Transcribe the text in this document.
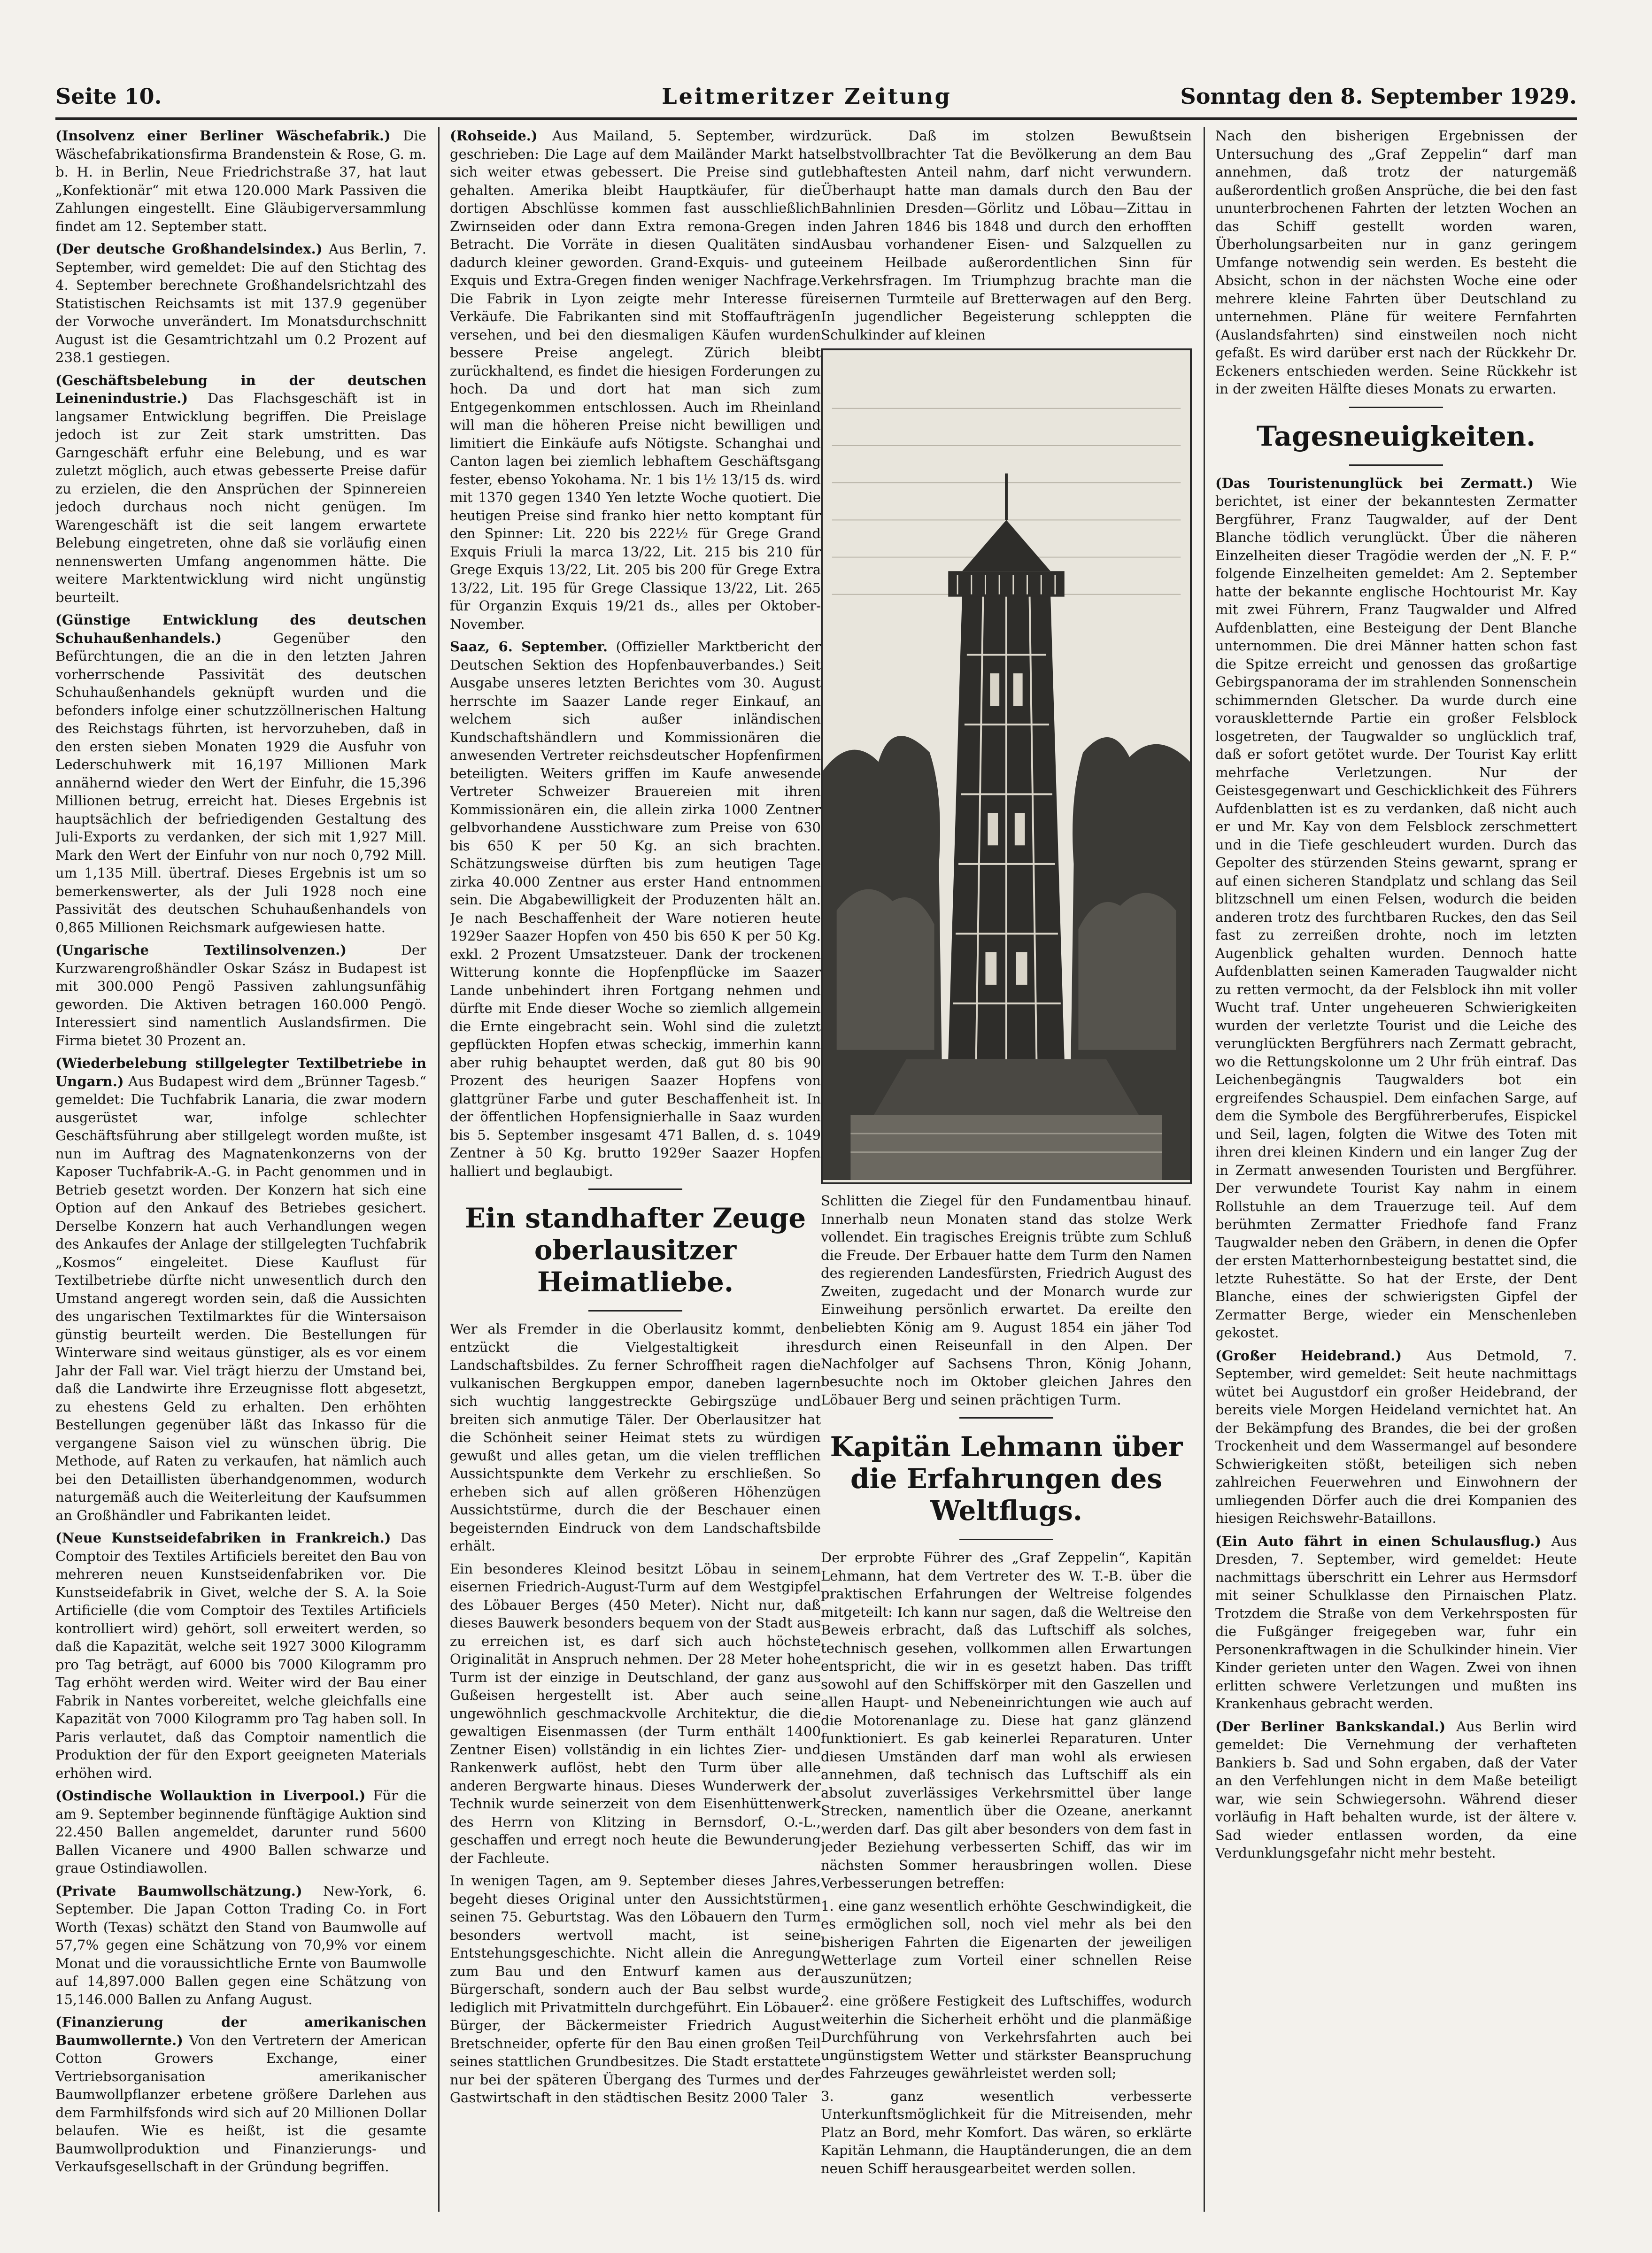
Seite 10.	Leitmeritzer Zeitung	Sonntag den 8. September 1929.

(Insolvenz einer Berliner Wäschefabrik.) Die Wäschefabrikationsfirma Brandenstein & Rose, G. m. b. H. in Berlin, Neue Friedrichstraße 37, hat laut „Konfektionär“ mit etwa 120.000 Mark Passiven die Zahlungen eingestellt. Eine Gläubigerversammlung findet am 12. September statt.

(Der deutsche Großhandelsindex.) Aus Berlin, 7. September, wird gemeldet: Die auf den Stichtag des 4. September berechnete Großhandelsrichtzahl des Statistischen Reichsamts ist mit 137.9 gegenüber der Vorwoche unverändert. Im Monatsdurchschnitt August ist die Gesamtrichtzahl um 0.2 Prozent auf 238.1 gestiegen.

(Geschäftsbelebung in der deutschen Leinenindustrie.) Das Flachsgeschäft ist in langsamer Entwicklung begriffen. Die Preislage jedoch ist zur Zeit stark umstritten. Das Garngeschäft erfuhr eine Belebung, und es war zuletzt möglich, auch etwas gebesserte Preise dafür zu erzielen, die den Ansprüchen der Spinnereien jedoch durchaus noch nicht genügen. Im Warengeschäft ist die seit langem erwartete Belebung eingetreten, ohne daß sie vorläufig einen nennenswerten Umfang angenommen hätte. Die weitere Marktentwicklung wird nicht ungünstig beurteilt.

(Günstige Entwicklung des deutschen Schuhaußenhandels.)	Gegenüber den Befürchtungen, die an die in den letzten Jahren vorherrschende Passivität des deutschen Schuhaußenhandels geknüpft wurden und die befonders infolge einer schutzzöllnerischen Haltung des Reichstags führten, ist hervorzuheben, daß in den ersten sieben Monaten 1929 die Ausfuhr von Lederschuhwerk mit 16,197 Millionen Mark annähernd wieder den Wert der Einfuhr, die 15,396 Millionen betrug, erreicht hat. Dieses Ergebnis ist hauptsächlich der befriedigenden Gestaltung des Juli-Exports zu verdanken, der sich mit 1,927 Mill. Mark den Wert der Einfuhr von nur noch 0,792 Mill. um 1,135 Mill. übertraf. Dieses Ergebnis ist um so bemerkenswerter, als der Juli 1928 noch eine Passivität des deutschen Schuhaußenhandels von 0,865 Millionen Reichsmark aufgewiesen hatte.

(Ungarische Textilinsolvenzen.)	Der Kurzwarengroßhändler Oskar Szász in Budapest ist mit 300.000 Pengö Passiven zahlungsunfähig geworden. Die Aktiven betragen 160.000 Pengö. Interessiert sind namentlich Auslandsfirmen. Die Firma bietet 30 Prozent an.

(Wiederbelebung stillgelegter Textilbetriebe in Ungarn.) Aus Budapest wird dem „Brünner Tagesb.“ gemeldet: Die Tuchfabrik Lanaria, die zwar modern ausgerüstet war, infolge schlechter Geschäftsführung aber stillgelegt worden mußte, ist nun im Auftrag des Magnatenkonzerns von der Kaposer Tuchfabrik-A.-G. in Pacht genommen und in Betrieb gesetzt worden. Der Konzern hat sich eine Option auf den Ankauf des Betriebes gesichert. Derselbe Konzern hat auch Verhandlungen wegen des Ankaufes der Anlage der stillgelegten Tuchfabrik „Kosmos“ eingeleitet. Diese Kauflust für Textilbetriebe dürfte nicht unwesentlich durch den Umstand angeregt worden sein, daß die Aussichten des ungarischen Textilmarktes für die Wintersaison günstig beurteilt werden. Die Bestellungen für Winterware sind weitaus günstiger, als es vor einem Jahr der Fall war. Viel trägt hierzu der Umstand bei, daß die Landwirte ihre Erzeugnisse flott abgesetzt, zu ehestens Geld zu erhalten. Den erhöhten Bestellungen gegenüber läßt das Inkasso für die vergangene Saison viel zu wünschen übrig. Die Methode, auf Raten zu verkaufen, hat nämlich auch bei den Detaillisten überhandgenommen, wodurch naturgemäß auch die Weiterleitung der Kaufsummen an Großhändler und Fabrikanten leidet.

(Neue Kunstseidefabriken in Frankreich.) Das Comptoir des Textiles Artificiels bereitet den Bau von mehreren neuen Kunstseidenfabriken vor. Die Kunstseidefabrik in Givet, welche der S. A. la Soie Artificielle (die vom Comptoir des Textiles Artificiels kontrolliert wird) gehört, soll erweitert werden, so daß die Kapazität, welche seit 1927 3000 Kilogramm pro Tag beträgt, auf 6000 bis 7000 Kilogramm pro Tag erhöht werden wird. Weiter wird der Bau einer Fabrik in Nantes vorbereitet, welche gleichfalls eine Kapazität von 7000 Kilogramm pro Tag haben soll. In Paris verlautet, daß das Comptoir namentlich die Produktion der für den Export geeigneten Materials erhöhen wird.

(Ostindische Wollauktion in Liverpool.) Für die am 9. September beginnende fünftägige Auktion sind 22.450 Ballen angemeldet, darunter rund 5600 Ballen Vicanere und 4900 Ballen schwarze und graue Ostindiawollen.

(Private Baumwollschätzung.) New-York, 6. September. Die Japan Cotton Trading Co. in Fort Worth (Texas) schätzt den Stand von Baumwolle auf 57,7% gegen eine Schätzung von 70,9% vor einem Monat und die voraussichtliche Ernte von Baumwolle auf 14,897.000 Ballen gegen eine Schätzung von 15,146.000 Ballen zu Anfang August.

(Finanzierung der amerikanischen Baumwollernte.) Von den Vertretern der American Cotton Growers Exchange, einer Vertriebsorganisation amerikanischer Baumwollpflanzer erbetene größere Darlehen aus dem Farmhilfsfonds wird sich auf 20 Millionen Dollar belaufen. Wie es heißt, ist die gesamte Baumwollproduktion und Finanzierungs- und Verkaufsgesellschaft in der Gründung begriffen.

(Rohseide.) Aus Mailand, 5. September, wird geschrieben: Die Lage auf dem Mailänder Markt hat sich weiter etwas gebessert. Die Preise sind gut gehalten. Amerika bleibt Hauptkäufer, für die dortigen Abschlüsse kommen fast ausschließlich Zwirnseiden oder dann Extra remona-Gregen in Betracht. Die Vorräte in diesen Qualitäten sind dadurch kleiner geworden. Grand-Exquis- und gute Exquis und Extra-Gregen finden weniger Nachfrage. Die Fabrik in Lyon zeigte mehr Interesse für Verkäufe. Die Fabrikanten sind mit Stoffaufträgen versehen, und bei den diesmaligen Käufen wurden bessere Preise angelegt. Zürich bleibt zurückhaltend, es findet die hiesigen Forderungen zu hoch. Da und dort hat man sich zum Entgegenkommen entschlossen. Auch im Rheinland will man die höheren Preise nicht bewilligen und limitiert die Einkäufe aufs Nötigste. Schanghai und Canton lagen bei ziemlich lebhaftem Geschäftsgang fester, ebenso Yokohama. Nr. 1 bis 1½ 13/15 ds. wird mit 1370 gegen 1340 Yen letzte Woche quotiert. Die heutigen Preise sind franko hier netto komptant für den Spinner: Lit. 220 bis 222½ für Grege Grand Exquis Friuli la marca 13/22, Lit. 215 bis 210 für Grege Exquis 13/22, Lit. 205 bis 200 für Grege Extra 13/22, Lit. 195 für Grege Classique 13/22, Lit. 265 für Organzin Exquis 19/21 ds., alles per Oktober-November.

Saaz, 6. September. (Offizieller Marktbericht der Deutschen Sektion des Hopfenbauverbandes.) Seit Ausgabe unseres letzten Berichtes vom 30. August herrschte im Saazer Lande reger Einkauf, an welchem sich außer inländischen Kundschaftshändlern und Kommissionären die anwesenden Vertreter reichsdeutscher Hopfenfirmen beteiligten. Weiters griffen im Kaufe anwesende Vertreter Schweizer Brauereien mit ihren Kommissionären ein, die allein zirka 1000 Zentner gelbvorhandene Ausstichware zum Preise von 630 bis 650 K per 50 Kg. an sich brachten. Schätzungsweise dürften bis zum heutigen Tage zirka 40.000 Zentner aus erster Hand entnommen sein. Die Abgabewilligkeit der Produzenten hält an. Je nach Beschaffenheit der Ware notieren heute 1929er Saazer Hopfen von 450 bis 650 K per 50 Kg. exkl. 2 Prozent Umsatzsteuer. Dank der trockenen Witterung konnte die Hopfenpflücke im Saazer Lande unbehindert ihren Fortgang nehmen und dürfte mit Ende dieser Woche so ziemlich allgemein die Ernte eingebracht sein. Wohl sind die zuletzt gepflückten Hopfen etwas scheckig, immerhin kann aber ruhig behauptet werden, daß gut 80 bis 90 Prozent des heurigen Saazer Hopfens von glattgrüner Farbe und guter Beschaffenheit ist. In der öffentlichen Hopfensignierhalle in Saaz wurden bis 5. September insgesamt 471 Ballen, d. s. 1049 Zentner à 50 Kg. brutto 1929er Saazer Hopfen halliert und beglaubigt.

Ein standhafter Zeuge oberlausitzer Heimatliebe.

Wer als Fremder in die Oberlausitz kommt, den entzückt die Vielgestaltigkeit ihres Landschaftsbildes. Zu ferner Schroffheit ragen die vulkanischen Bergkuppen empor, daneben lagern sich wuchtig langgestreckte Gebirgszüge und breiten sich anmutige Täler. Der Oberlausitzer hat die Schönheit seiner Heimat stets zu würdigen gewußt und alles getan, um die vielen trefflichen Aussichtspunkte dem Verkehr zu erschließen. So erheben sich auf allen größeren Höhenzügen Aussichtstürme, durch die der Beschauer einen begeisternden Eindruck von dem Landschaftsbilde erhält.

Ein besonderes Kleinod besitzt Löbau in seinem eisernen Friedrich-August-Turm auf dem Westgipfel des Löbauer Berges (450 Meter). Nicht nur, daß dieses Bauwerk besonders bequem von der Stadt aus zu erreichen ist, es darf sich auch höchste Originalität in Anspruch nehmen. Der 28 Meter hohe Turm ist der einzige in Deutschland, der ganz aus Gußeisen hergestellt ist. Aber auch seine ungewöhnlich geschmackvolle Architektur, die die gewaltigen Eisenmassen (der Turm enthält 1400 Zentner Eisen) vollständig in ein lichtes Zier- und Rankenwerk auflöst, hebt den Turm über alle anderen Bergwarte hinaus. Dieses Wunderwerk der Technik wurde seinerzeit von dem Eisenhüttenwerk des Herrn von Klitzing in Bernsdorf, O.-L., geschaffen und erregt noch heute die Bewunderung der Fachleute.

In wenigen Tagen, am 9. September dieses Jahres, begeht dieses Original unter den Aussichtstürmen seinen 75. Geburtstag. Was den Löbauern den Turm besonders wertvoll macht, ist seine Entstehungsgeschichte. Nicht allein die Anregung zum Bau und den Entwurf kamen aus der Bürgerschaft, sondern auch der Bau selbst wurde lediglich mit Privatmitteln durchgeführt. Ein Löbauer Bürger, der Bäckermeister Friedrich August Bretschneider, opferte für den Bau einen großen Teil seines stattlichen Grundbesitzes. Die Stadt erstattete nur bei der späteren Übergang des Turmes und der Gastwirtschaft in den städtischen Besitz 2000 Taler

zurück. Daß im stolzen Bewußtsein selbstvollbrachter Tat die Bevölkerung an dem Bau lebhaftesten Anteil nahm, darf nicht verwundern. Überhaupt hatte man damals durch den Bau der Bahnlinien Dresden—Görlitz und Löbau—Zittau in den Jahren 1846 bis 1848 und durch den erhofften Ausbau vorhandener Eisen- und Salzquellen zu einem Heilbade außerordentlichen Sinn für Verkehrsfragen. Im Triumphzug brachte man die eisernen Turmteile auf Bretterwagen auf den Berg. In jugendlicher Begeisterung schleppten die Schulkinder auf kleinen

Schlitten die Ziegel für den Fundamentbau hinauf. Innerhalb neun Monaten stand das stolze Werk vollendet. Ein tragisches Ereignis trübte zum Schluß die Freude. Der Erbauer hatte dem Turm den Namen des regierenden Landesfürsten, Friedrich August des Zweiten, zugedacht und der Monarch wurde zur Einweihung persönlich erwartet. Da ereilte den beliebten König am 9. August 1854 ein jäher Tod durch einen Reiseunfall in den Alpen. Der Nachfolger auf Sachsens Thron, König Johann, besuchte noch im Oktober gleichen Jahres den Löbauer Berg und seinen prächtigen Turm.

Kapitän Lehmann über die Erfahrungen des Weltflugs.

Der erprobte Führer des „Graf Zeppelin“, Kapitän Lehmann, hat dem Vertreter des W. T.-B. über die praktischen Erfahrungen der Weltreise folgendes mitgeteilt: Ich kann nur sagen, daß die Weltreise den Beweis erbracht, daß das Luftschiff als solches, technisch gesehen, vollkommen allen Erwartungen entspricht, die wir in es gesetzt haben. Das trifft sowohl auf den Schiffskörper mit den Gaszellen und allen Haupt- und Nebeneinrichtungen wie auch auf die Motorenanlage zu. Diese hat ganz glänzend funktioniert. Es gab keinerlei Reparaturen. Unter diesen Umständen darf man wohl als erwiesen annehmen, daß technisch das Luftschiff als ein absolut zuverlässiges Verkehrsmittel über lange Strecken, namentlich über die Ozeane, anerkannt werden darf. Das gilt aber besonders von dem fast in jeder Beziehung verbesserten Schiff, das wir im nächsten Sommer herausbringen wollen. Diese Verbesserungen betreffen:

1. eine ganz wesentlich erhöhte Geschwindigkeit, die es ermöglichen soll, noch viel mehr als bei den bisherigen Fahrten die Eigenarten der jeweiligen Wetterlage zum Vorteil einer schnellen Reise auszunützen;

2. eine größere Festigkeit des Luftschiffes, wodurch weiterhin die Sicherheit erhöht und die planmäßige Durchführung von Verkehrsfahrten auch bei ungünstigstem Wetter und stärkster Beanspruchung des Fahrzeuges gewährleistet werden soll;

3. ganz wesentlich verbesserte Unterkunftsmöglichkeit für die Mitreisenden, mehr Platz an Bord, mehr Komfort. Das wären, so erklärte Kapitän Lehmann, die Hauptänderungen, die an dem neuen Schiff herausgearbeitet werden sollen.

Nach den bisherigen Ergebnissen der Untersuchung des „Graf Zeppelin“ darf man annehmen, daß trotz der naturgemäß außerordentlich großen Ansprüche, die bei den fast ununterbrochenen Fahrten der letzten Wochen an das Schiff gestellt worden waren, Überholungsarbeiten nur in ganz geringem Umfange notwendig sein werden. Es besteht die Absicht, schon in der nächsten Woche eine oder mehrere kleine Fahrten über Deutschland zu unternehmen. Pläne für weitere Fernfahrten (Auslandsfahrten) sind einstweilen noch nicht gefaßt. Es wird darüber erst nach der Rückkehr Dr. Eckeners entschieden werden. Seine Rückkehr ist in der zweiten Hälfte dieses Monats zu erwarten.

Tagesneuigkeiten.

(Das Touristenunglück bei Zermatt.) Wie berichtet, ist einer der bekanntesten Zermatter Bergführer, Franz Taugwalder, auf der Dent Blanche tödlich verunglückt. Über die näheren Einzelheiten dieser Tragödie werden der „N. F. P.“ folgende Einzelheiten gemeldet: Am 2. September hatte der bekannte englische Hochtourist Mr. Kay mit zwei Führern, Franz Taugwalder und Alfred Aufdenblatten, eine Besteigung der Dent Blanche unternommen. Die drei Männer hatten schon fast die Spitze erreicht und genossen das großartige Gebirgspanorama der im strahlenden Sonnenschein schimmernden Gletscher. Da wurde durch eine vorauskletternde Partie ein großer Felsblock losgetreten, der Taugwalder so unglücklich traf, daß er sofort getötet wurde. Der Tourist Kay erlitt mehrfache Verletzungen. Nur der Geistesgegenwart und Geschicklichkeit des Führers Aufdenblatten ist es zu verdanken, daß nicht auch er und Mr. Kay von dem Felsblock zerschmettert und in die Tiefe geschleudert wurden. Durch das Gepolter des stürzenden Steins gewarnt, sprang er auf einen sicheren Standplatz und schlang das Seil blitzschnell um einen Felsen, wodurch die beiden anderen trotz des furchtbaren Ruckes, den das Seil fast zu zerreißen drohte, noch im letzten Augenblick gehalten wurden. Dennoch hatte Aufdenblatten seinen Kameraden Taugwalder nicht zu retten vermocht, da der Felsblock ihn mit voller Wucht traf. Unter ungeheueren Schwierigkeiten wurden der verletzte Tourist und die Leiche des verunglückten Bergführers nach Zermatt gebracht, wo die Rettungskolonne um 2 Uhr früh eintraf. Das Leichenbegängnis Taugwalders bot ein ergreifendes Schauspiel. Dem einfachen Sarge, auf dem die Symbole des Bergführerberufes, Eispickel und Seil, lagen, folgten die Witwe des Toten mit ihren drei kleinen Kindern und ein langer Zug der in Zermatt anwesenden Touristen und Bergführer. Der verwundete Tourist Kay nahm in einem Rollstuhle an dem Trauerzuge teil. Auf dem berühmten Zermatter Friedhofe fand Franz Taugwalder neben den Gräbern, in denen die Opfer der ersten Matterhornbesteigung bestattet sind, die letzte Ruhestätte. So hat der Erste, der Dent Blanche, eines der schwierigsten Gipfel der Zermatter Berge, wieder ein Menschenleben gekostet.

(Großer Heidebrand.) Aus Detmold, 7. September, wird gemeldet: Seit heute nachmittags wütet bei Augustdorf ein großer Heidebrand, der bereits viele Morgen Heideland vernichtet hat. An der Bekämpfung des Brandes, die bei der großen Trockenheit und dem Wassermangel auf besondere Schwierigkeiten stößt, beteiligen sich neben zahlreichen Feuerwehren und Einwohnern der umliegenden Dörfer auch die drei Kompanien des hiesigen Reichswehr-Bataillons.

(Ein Auto fährt in einen Schulausflug.) Aus Dresden, 7. September, wird gemeldet: Heute nachmittags überschritt ein Lehrer aus Hermsdorf mit seiner Schulklasse den Pirnaischen Platz. Trotzdem die Straße von dem Verkehrsposten für die Fußgänger freigegeben war, fuhr ein Personenkraftwagen in die Schulkinder hinein. Vier Kinder gerieten unter den Wagen. Zwei von ihnen erlitten schwere Verletzungen und mußten ins Krankenhaus gebracht werden.

(Der Berliner Bankskandal.) Aus Berlin wird gemeldet: Die Vernehmung der verhafteten Bankiers b. Sad und Sohn ergaben, daß der Vater an den Verfehlungen nicht in dem Maße beteiligt war, wie sein Schwiegersohn. Während dieser vorläufig in Haft behalten wurde, ist der ältere v. Sad wieder entlassen worden, da eine Verdunklungsgefahr nicht mehr besteht.
